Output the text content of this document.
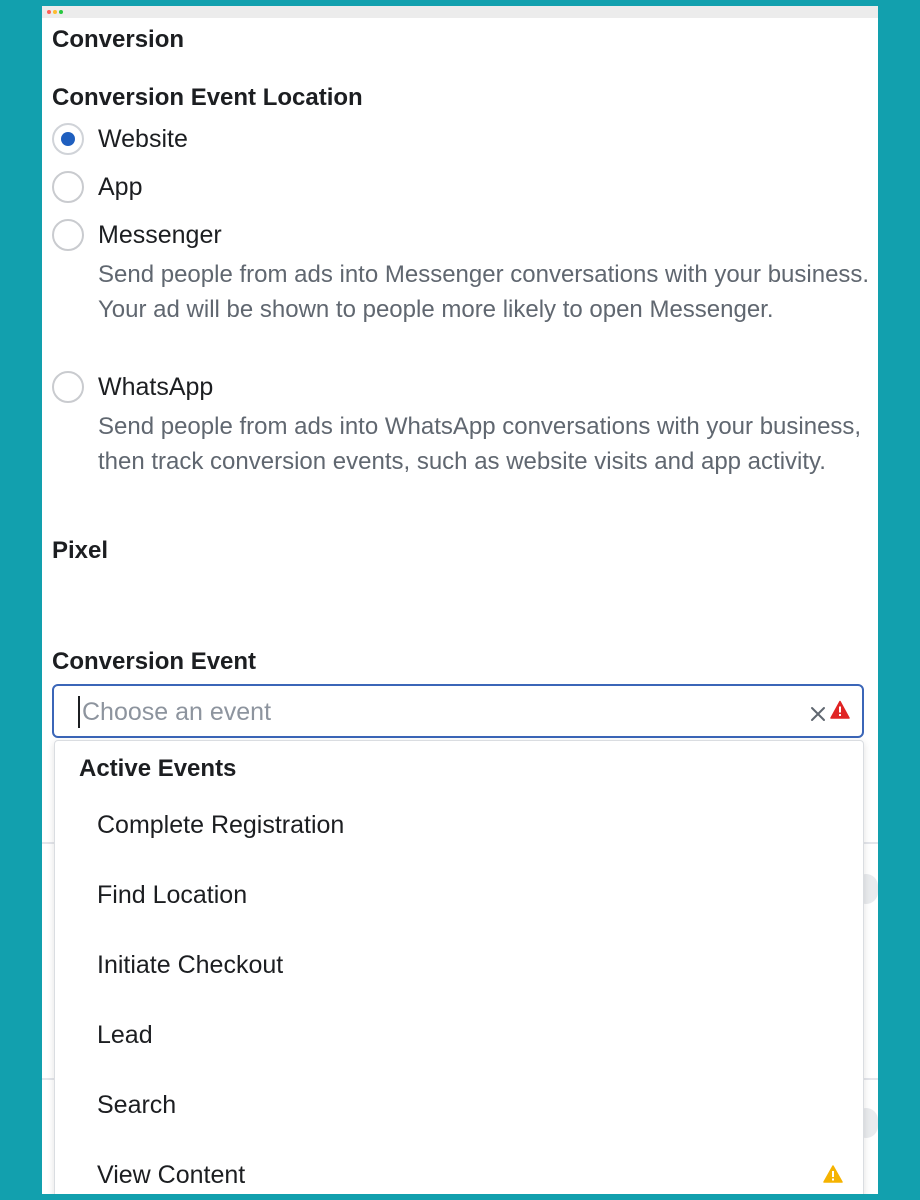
Conversion
Conversion Event Location
Website
App
Messenger
Send people from ads into Messenger conversations with your business. Your ad will be shown to people more likely to open Messenger.
WhatsApp
Send people from ads into WhatsApp conversations with your business, then track conversion events, such as website visits and app activity.
Pixel
Conversion Event
Choose an event
Active Events
Complete Registration
Find Location
Initiate Checkout
Lead
Search
View Content
